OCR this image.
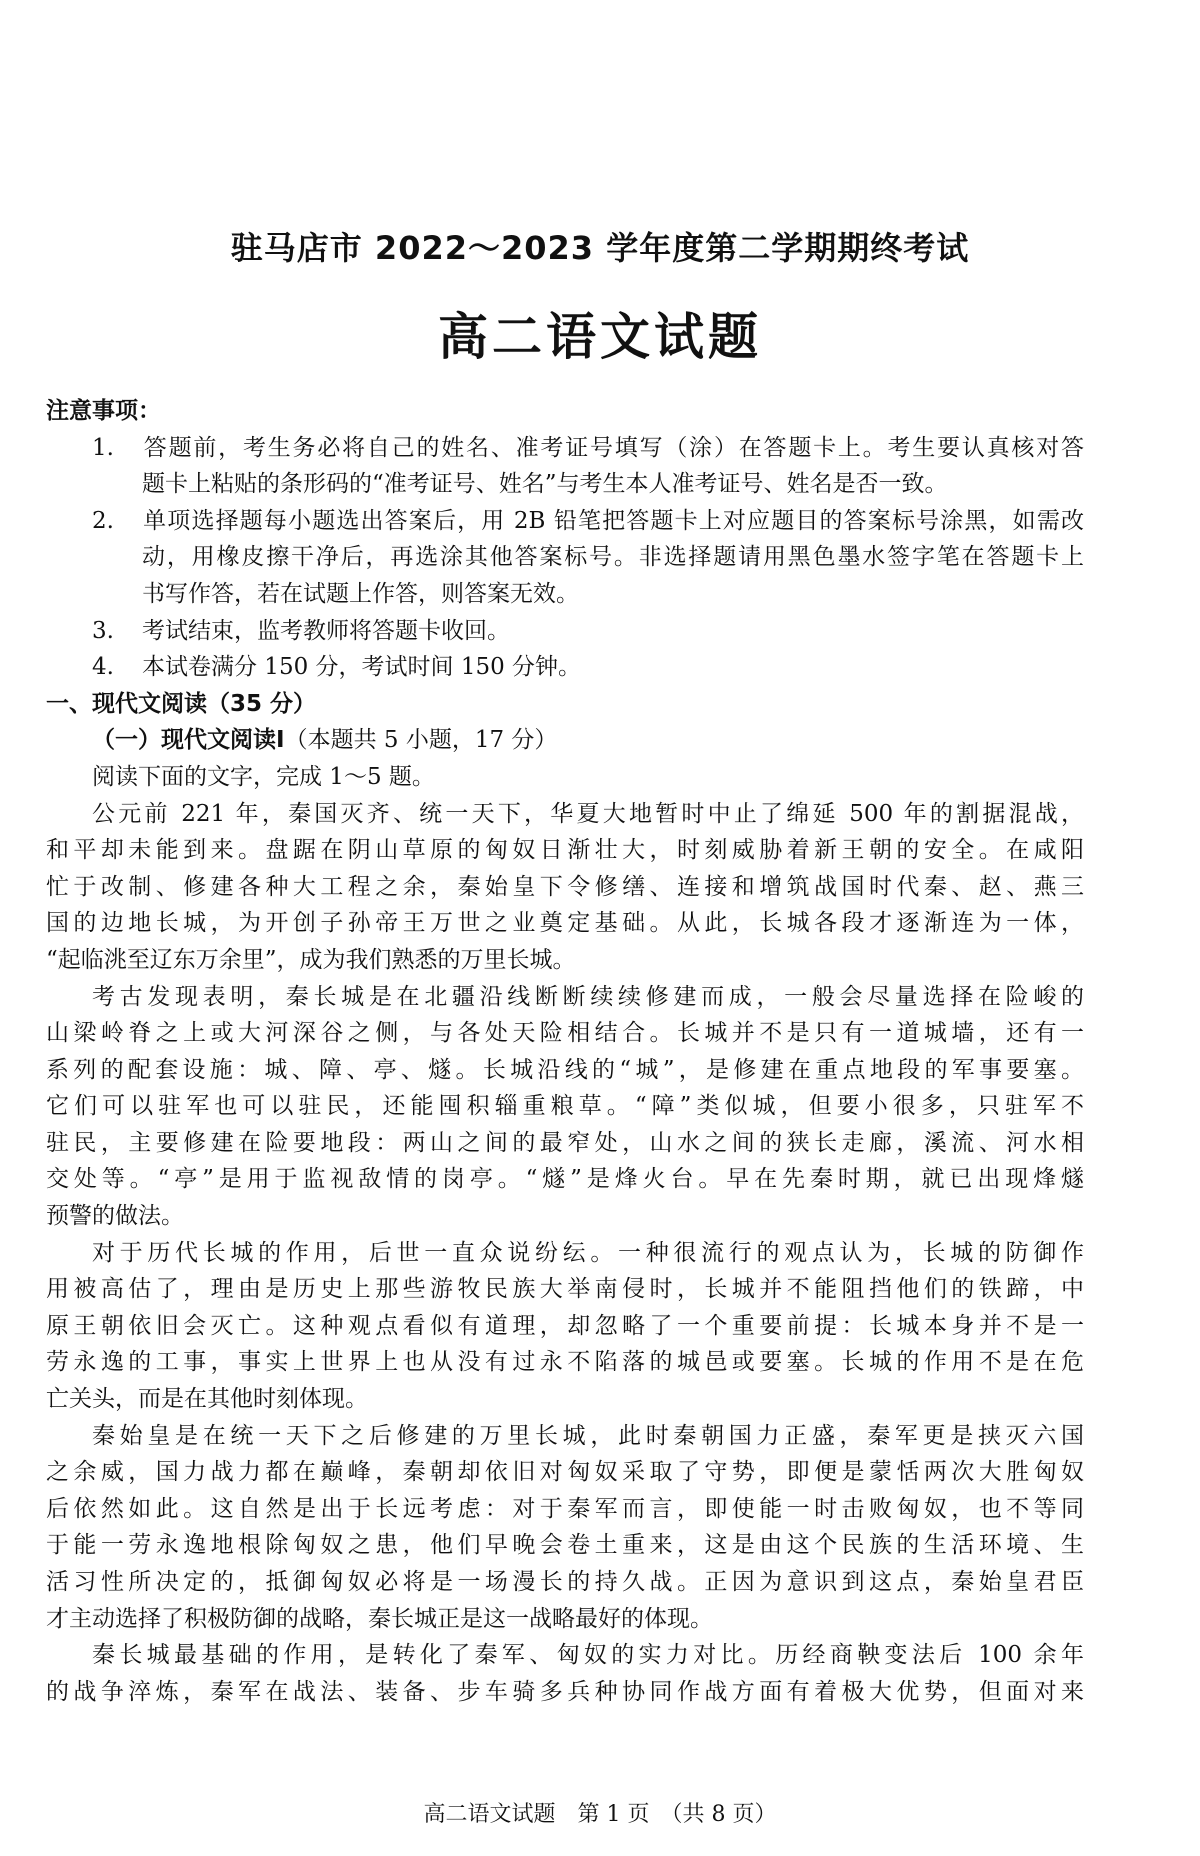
驻马店市 2022～2023 学年度第二学期期终考试
高二语文试题
注意事项：
1. 答题前，考生务必将自己的姓名、准考证号填写（涂）在答题卡上。考生要认真核对答
题卡上粘贴的条形码的“准考证号、姓名”与考生本人准考证号、姓名是否一致。
2. 单项选择题每小题选出答案后，用 2B 铅笔把答题卡上对应题目的答案标号涂黑，如需改
动，用橡皮擦干净后，再选涂其他答案标号。非选择题请用黑色墨水签字笔在答题卡上
书写作答，若在试题上作答，则答案无效。
3. 考试结束，监考教师将答题卡收回。
4. 本试卷满分 150 分，考试时间 150 分钟。
一、现代文阅读（35 分）
（一）现代文阅读Ⅰ（本题共 5 小题，17 分）
阅读下面的文字，完成 1～5 题。
公元前 221 年，秦国灭齐、统一天下，华夏大地暂时中止了绵延 500 年的割据混战，
和平却未能到来。盘踞在阴山草原的匈奴日渐壮大，时刻威胁着新王朝的安全。在咸阳
忙于改制、修建各种大工程之余，秦始皇下令修缮、连接和增筑战国时代秦、赵、燕三
国的边地长城，为开创子孙帝王万世之业奠定基础。从此，长城各段才逐渐连为一体，
“起临洮至辽东万余里”，成为我们熟悉的万里长城。
考古发现表明，秦长城是在北疆沿线断断续续修建而成，一般会尽量选择在险峻的
山梁岭脊之上或大河深谷之侧，与各处天险相结合。长城并不是只有一道城墙，还有一
系列的配套设施：城、障、亭、燧。长城沿线的“城”，是修建在重点地段的军事要塞。
它们可以驻军也可以驻民，还能囤积辎重粮草。“障”类似城，但要小很多，只驻军不
驻民，主要修建在险要地段：两山之间的最窄处，山水之间的狭长走廊，溪流、河水相
交处等。“亭”是用于监视敌情的岗亭。“燧”是烽火台。早在先秦时期，就已出现烽燧
预警的做法。
对于历代长城的作用，后世一直众说纷纭。一种很流行的观点认为，长城的防御作
用被高估了，理由是历史上那些游牧民族大举南侵时，长城并不能阻挡他们的铁蹄，中
原王朝依旧会灭亡。这种观点看似有道理，却忽略了一个重要前提：长城本身并不是一
劳永逸的工事，事实上世界上也从没有过永不陷落的城邑或要塞。长城的作用不是在危
亡关头，而是在其他时刻体现。
秦始皇是在统一天下之后修建的万里长城，此时秦朝国力正盛，秦军更是挟灭六国
之余威，国力战力都在巅峰，秦朝却依旧对匈奴采取了守势，即便是蒙恬两次大胜匈奴
后依然如此。这自然是出于长远考虑：对于秦军而言，即使能一时击败匈奴，也不等同
于能一劳永逸地根除匈奴之患，他们早晚会卷土重来，这是由这个民族的生活环境、生
活习性所决定的，抵御匈奴必将是一场漫长的持久战。正因为意识到这点，秦始皇君臣
才主动选择了积极防御的战略，秦长城正是这一战略最好的体现。
秦长城最基础的作用，是转化了秦军、匈奴的实力对比。历经商鞅变法后 100 余年
的战争淬炼，秦军在战法、装备、步车骑多兵种协同作战方面有着极大优势，但面对来
高二语文试题　第 1 页　（共 8 页）
